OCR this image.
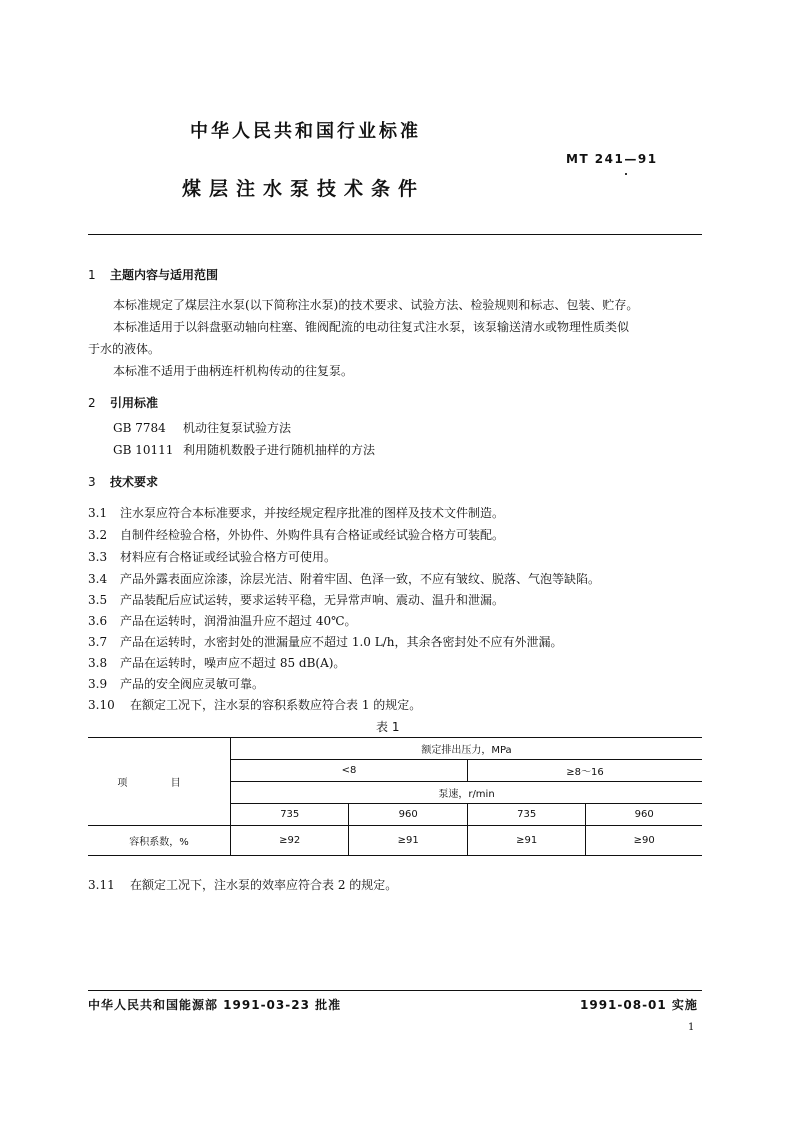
中华人民共和国行业标准
MT 241—91
煤层注水泵技术条件
1 主题内容与适用范围
本标准规定了煤层注水泵(以下简称注水泵)的技术要求、试验方法、检验规则和标志、包装、贮存。
本标准适用于以斜盘驱动轴向柱塞、锥阀配流的电动往复式注水泵，该泵输送清水或物理性质类似
于水的液体。
本标准不适用于曲柄连杆机构传动的往复泵。
2 引用标准
GB 7784 机动往复泵试验方法
GB 10111 利用随机数骰子进行随机抽样的方法
3 技术要求
3.1 注水泵应符合本标准要求，并按经规定程序批准的图样及技术文件制造。
3.2 自制件经检验合格，外协件、外购件具有合格证或经试验合格方可装配。
3.3 材料应有合格证或经试验合格方可使用。
3.4 产品外露表面应涂漆，涂层光洁、附着牢固、色泽一致，不应有皱纹、脱落、气泡等缺陷。
3.5 产品装配后应试运转，要求运转平稳，无异常声响、震动、温升和泄漏。
3.6 产品在运转时，润滑油温升应不超过 40℃。
3.7 产品在运转时，水密封处的泄漏量应不超过 1.0 L/h，其余各密封处不应有外泄漏。
3.8 产品在运转时，噪声应不超过 85 dB(A)。
3.9 产品的安全阀应灵敏可靠。
3.10 在额定工况下，注水泵的容积系数应符合表 1 的规定。
表 1
项 目	额定排出压力，MPa			
	<8		≥8～16	
	泵速，r/min			
	735	960	735	960
容积系数，%	≥92	≥91	≥91	≥90
3.11 在额定工况下，注水泵的效率应符合表 2 的规定。
中华人民共和国能源部 1991-03-23 批准	1991-08-01 实施
1
